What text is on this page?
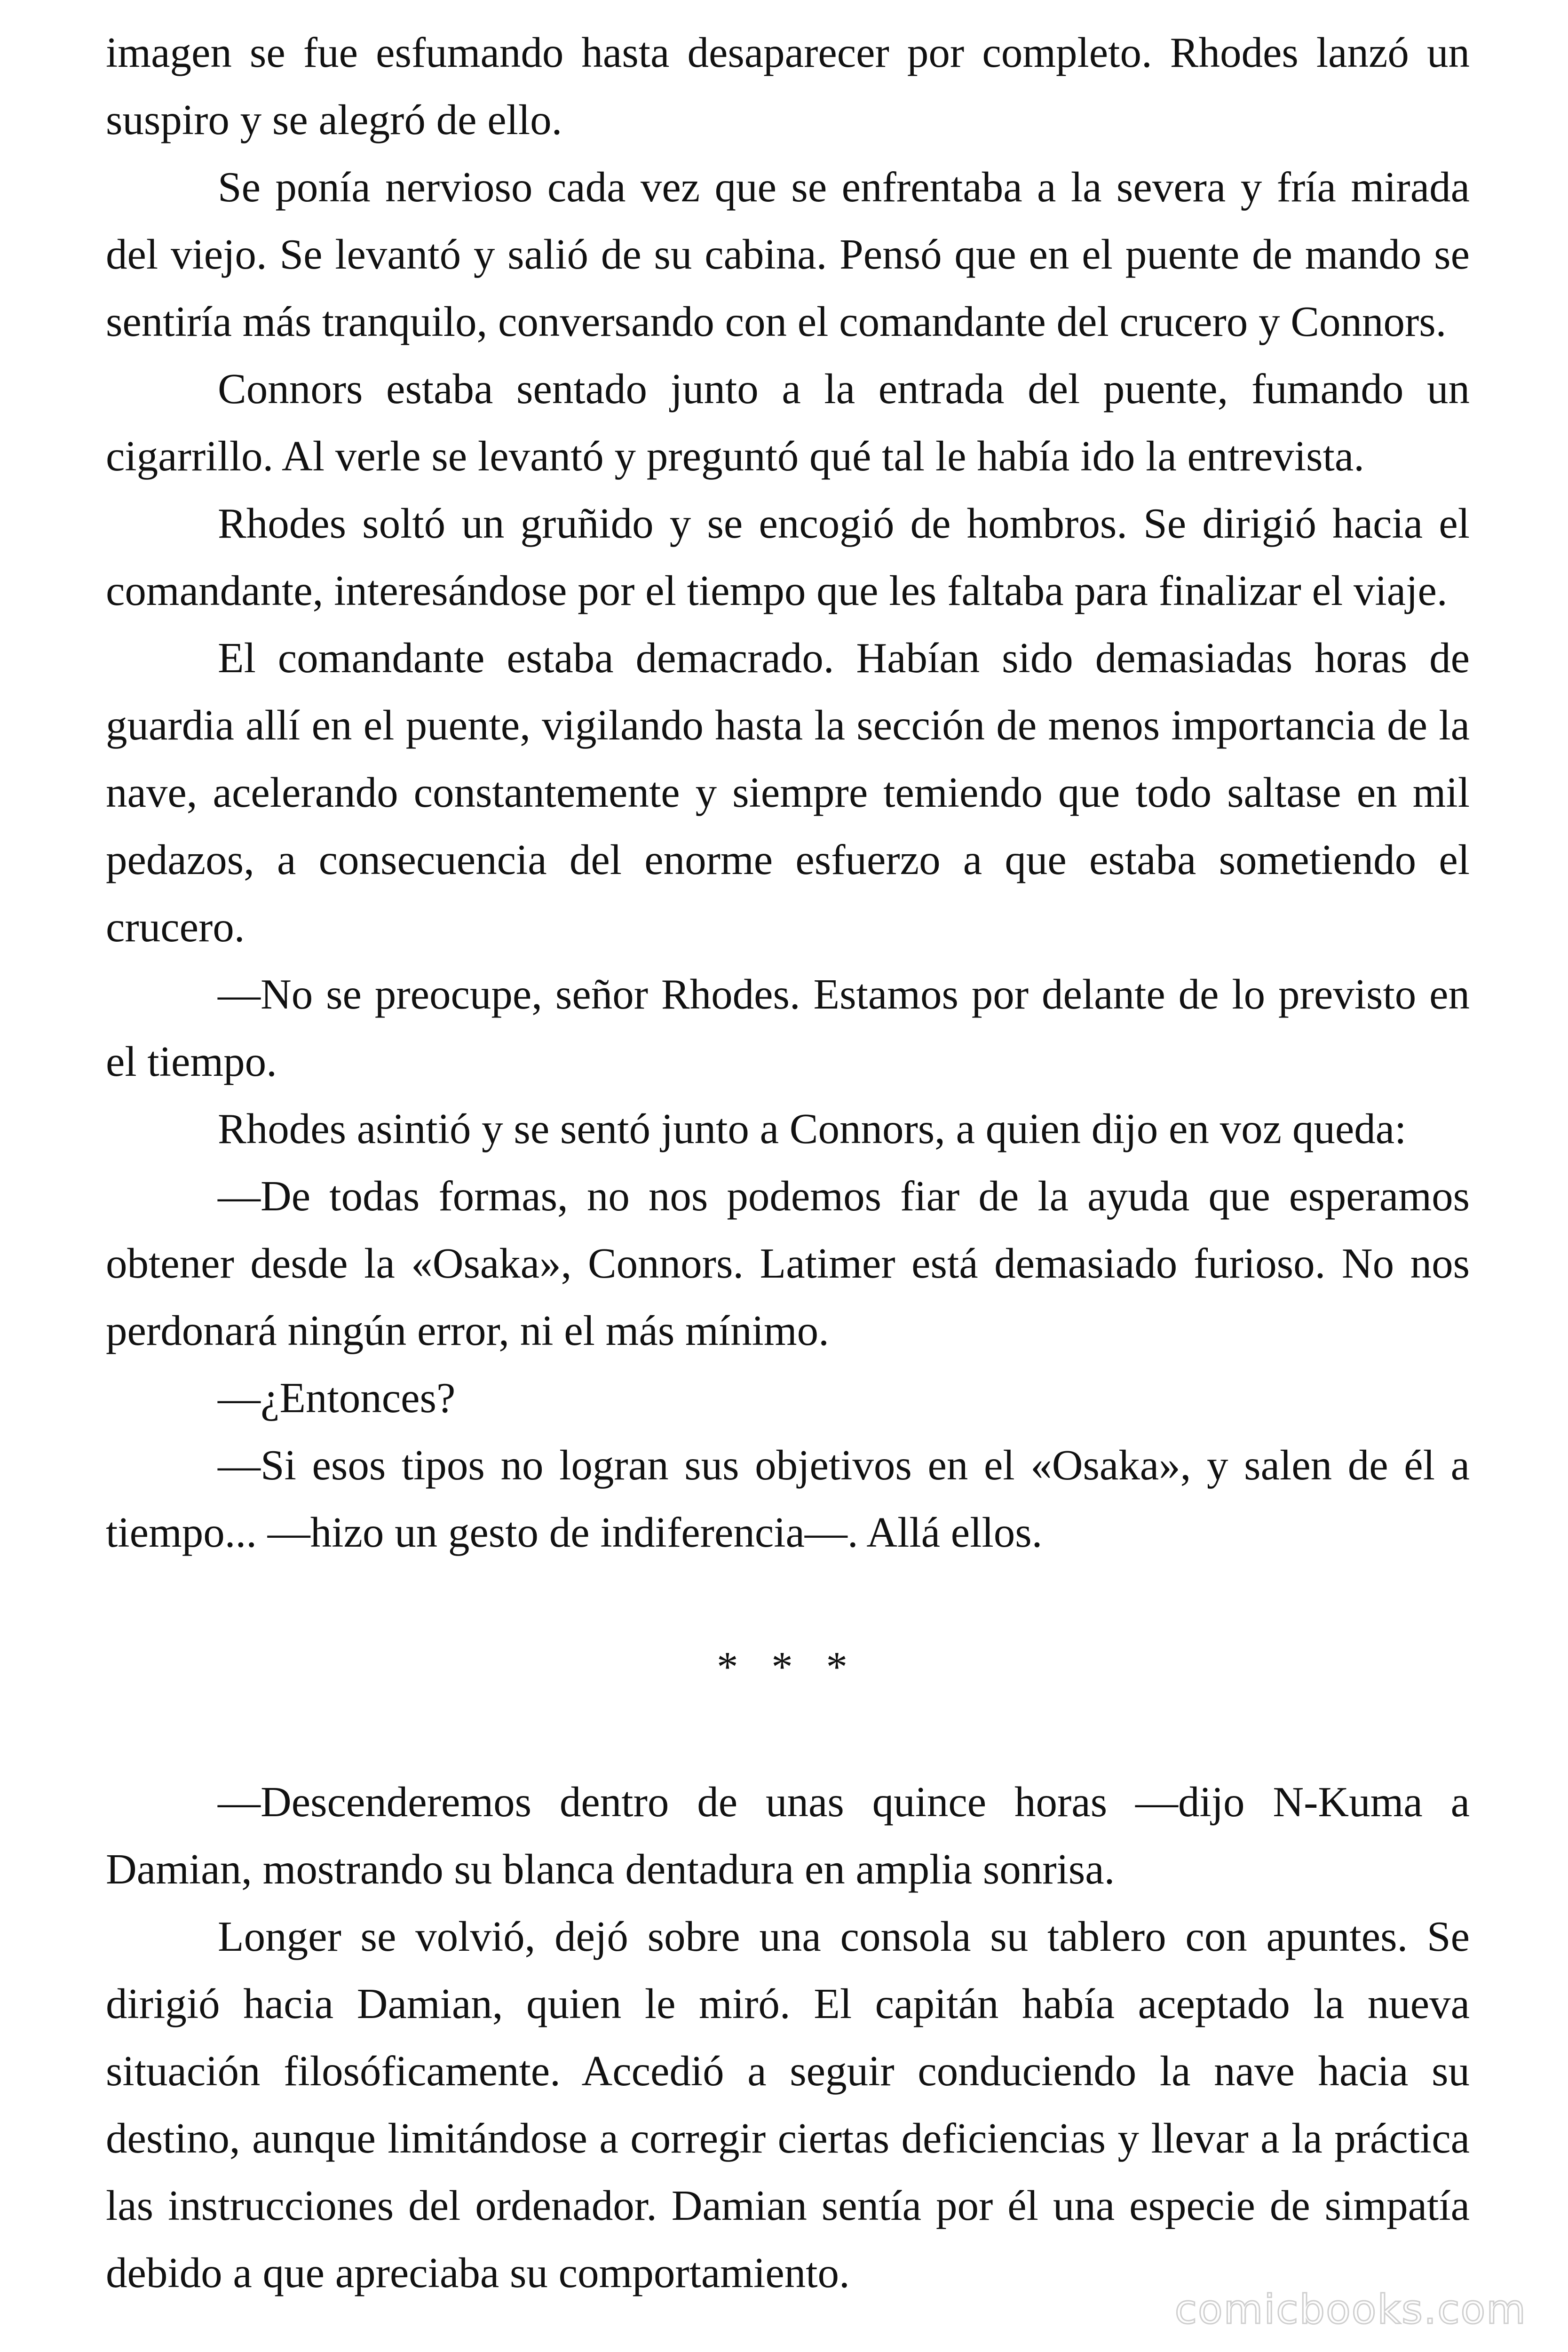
imagen se fue esfumando hasta desaparecer por completo. Rhodes lanzó un suspiro y se alegró de ello.

Se ponía nervioso cada vez que se enfrentaba a la severa y fría mirada del viejo. Se levantó y salió de su cabina. Pensó que en el puente de mando se sentiría más tranquilo, conversando con el comandante del crucero y Connors.

Connors estaba sentado junto a la entrada del puente, fumando un cigarrillo. Al verle se levantó y preguntó qué tal le había ido la entrevista.

Rhodes soltó un gruñido y se encogió de hombros. Se dirigió hacia el comandante, interesándose por el tiempo que les faltaba para finalizar el viaje.

El comandante estaba demacrado. Habían sido demasiadas horas de guardia allí en el puente, vigilando hasta la sección de menos importancia de la nave, acelerando constantemente y siempre temiendo que todo saltase en mil pedazos, a consecuencia del enorme esfuerzo a que estaba sometiendo el crucero.

—No se preocupe, señor Rhodes. Estamos por delante de lo previsto en el tiempo.

Rhodes asintió y se sentó junto a Connors, a quien dijo en voz queda:

—De todas formas, no nos podemos fiar de la ayuda que esperamos obtener desde la «Osaka», Connors. Latimer está demasiado furioso. No nos perdonará ningún error, ni el más mínimo.

—¿Entonces?

—Si esos tipos no logran sus objetivos en el «Osaka», y salen de él a tiempo... —hizo un gesto de indiferencia—. Allá ellos.

* * *

—Descenderemos dentro de unas quince horas —dijo N-Kuma a Damian, mostrando su blanca dentadura en amplia sonrisa.

Longer se volvió, dejó sobre una consola su tablero con apuntes. Se dirigió hacia Damian, quien le miró. El capitán había aceptado la nueva situación filosóficamente. Accedió a seguir conduciendo la nave hacia su destino, aunque limitándose a corregir ciertas deficiencias y llevar a la práctica las instrucciones del ordenador. Damian sentía por él una especie de simpatía debido a que apreciaba su comportamiento.

comicbooks.com
